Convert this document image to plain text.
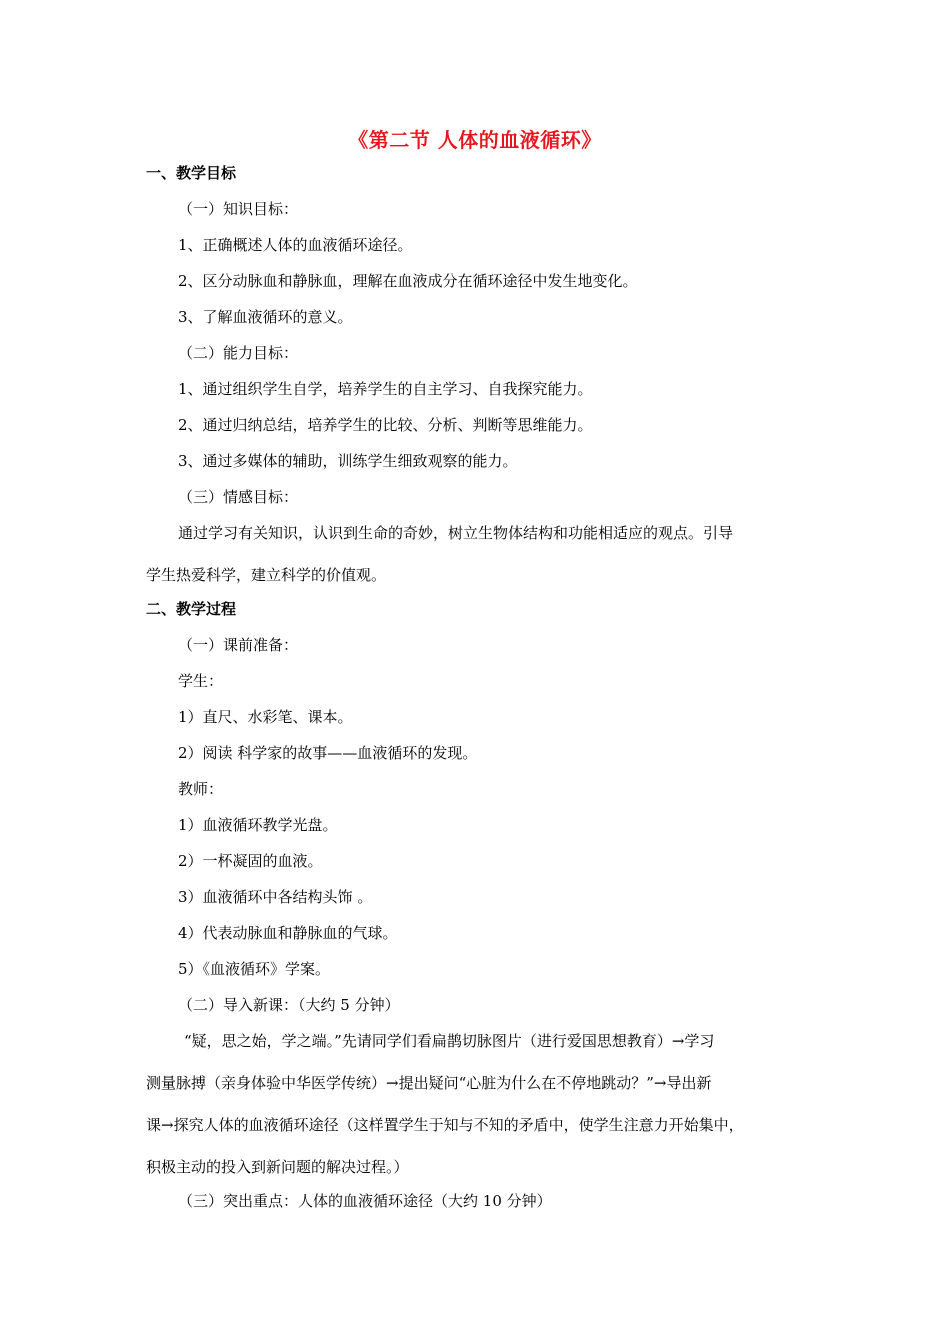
《第二节 人体的血液循环》
一、教学目标
（一）知识目标：
1、正确概述人体的血液循环途径。
2、区分动脉血和静脉血，理解在血液成分在循环途径中发生地变化。
3、了解血液循环的意义。
（二）能力目标：
1、通过组织学生自学，培养学生的自主学习、自我探究能力。
2、通过归纳总结，培养学生的比较、分析、判断等思维能力。
3、通过多媒体的辅助，训练学生细致观察的能力。
（三）情感目标：
通过学习有关知识，认识到生命的奇妙，树立生物体结构和功能相适应的观点。引导
学生热爱科学，建立科学的价值观。
二、教学过程
（一）课前准备：
学生：
1）直尺、水彩笔、课本。
2）阅读 科学家的故事——血液循环的发现。
教师：
1）血液循环教学光盘。
2）一杯凝固的血液。
3）血液循环中各结构头饰 。
4）代表动脉血和静脉血的气球。
5）《血液循环》学案。
（二）导入新课：（大约 5 分钟）
“疑，思之始，学之端。”先请同学们看扁鹊切脉图片（进行爱国思想教育）→学习
测量脉搏（亲身体验中华医学传统）→提出疑问“心脏为什么在不停地跳动？”→导出新
课→探究人体的血液循环途径（这样置学生于知与不知的矛盾中，使学生注意力开始集中，
积极主动的投入到新问题的解决过程。）
（三）突出重点：人体的血液循环途径（大约 10 分钟）
